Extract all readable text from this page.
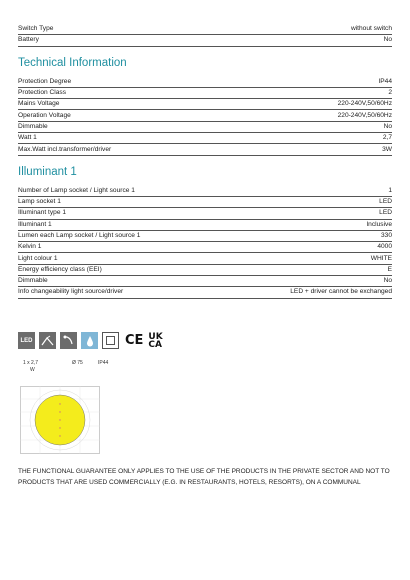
Switch Type	without switch
Battery	No
Technical Information
Protection Degree	IP44
Protection Class	2
Mains Voltage	220-240V,50/60Hz
Operation Voltage	220-240V,50/60Hz
Dimmable	No
Watt 1	2,7
Max.Watt incl.transformer/driver	3W
Illuminant 1
Number of Lamp socket / Light source 1	1
Lamp socket 1	LED
Illuminant type 1	LED
Illuminant 1	Inclusive
Lumen each Lamp socket / Light source 1	330
Kelvin 1	4000
Light colour 1	WHITE
Energy efficiency class (EEI)	E
Dimmable	No
Info changeability light source/driver	LED + driver cannot be exchanged
LED	CE UK
CA
1 x 2,7
W
Ø 75	IP44
THE FUNCTIONAL GUARANTEE ONLY APPLIES TO THE USE OF THE PRODUCTS IN THE PRIVATE SECTOR AND NOT TO PRODUCTS THAT ARE USED COMMERCIALLY (E.G. IN RESTAURANTS, HOTELS, RESORTS), ON A COMMUNAL
